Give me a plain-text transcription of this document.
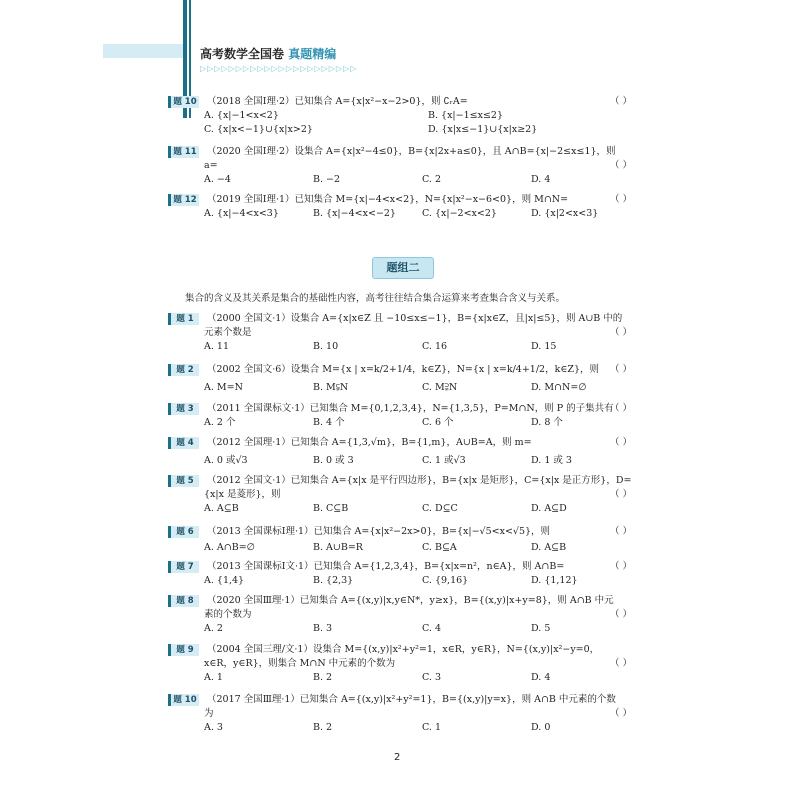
高考数学全国卷 真题精编
▷▷▷▷▷▷▷▷▷▷▷▷▷▷▷▷▷▷▷▷▷▷
题 10 （2018 全国Ⅰ理·2）已知集合 A={x|x²−x−2>0}，则 ∁ᵣA=	（ ）
A. {x|−1<x<2}	B. {x|−1≤x≤2}
C. {x|x<−1}∪{x|x>2}	D. {x|x≤−1}∪{x|x≥2}
题 11 （2020 全国Ⅰ理·2）设集合 A={x|x²−4≤0}，B={x|2x+a≤0}，且 A∩B={x|−2≤x≤1}，则
（ ）
a=
A. −4	B. −2	C. 2	D. 4
题 12 （2019 全国Ⅰ理·1）已知集合 M={x|−4<x<2}，N={x|x²−x−6<0}，则 M∩N=	（ ）
A. {x|−4<x<3}	B. {x|−4<x<−2}	C. {x|−2<x<2}	D. {x|2<x<3}
题组二
集合的含义及其关系是集合的基础性内容，高考往往结合集合运算来考查集合含义与关系。
题 1 （2000 全国文·1）设集合 A={x|x∈Z 且 −10≤x≤−1}，B={x|x∈Z，且|x|≤5}，则 A∪B 中的
（ ）
元素个数是
A. 11	B. 10	C. 16	D. 15
题 2 （2002 全国文·6）设集合 M={x | x=k/2+1/4，k∈Z}，N={x | x=k/4+1/2，k∈Z}，则 （ ）
A. M=N	B. M⫋N	C. M⫌N	D. M∩N=∅
题 3 （2011 全国课标文·1）已知集合 M={0,1,2,3,4}，N={1,3,5}，P=M∩N，则 P 的子集共有
（ ）
A. 2 个	B. 4 个	C. 6 个	D. 8 个
题 4 （2012 全国理·1）已知集合 A={1,3,√m}，B={1,m}，A∪B=A，则 m=	（ ）
A. 0 或√3	B. 0 或 3	C. 1 或√3	D. 1 或 3
题 5 （2012 全国文·1）已知集合 A={x|x 是平行四边形}，B={x|x 是矩形}，C={x|x 是正方形}，D=
（ ）
{x|x 是菱形}，则
A. A⊆B	B. C⊆B	C. D⊆C	D. A⊆D
题 6 （2013 全国课标Ⅰ理·1）已知集合 A={x|x²−2x>0}，B={x|−√5<x<√5}，则	（ ）
A. A∩B=∅	B. A∪B=R	C. B⊆A	D. A⊆B
题 7 （2013 全国课标Ⅰ文·1）已知集合 A={1,2,3,4}，B={x|x=n²，n∈A}，则 A∩B=	（ ）
A. {1,4}	B. {2,3}	C. {9,16}	D. {1,12}
题 8 （2020 全国Ⅲ理·1）已知集合 A={(x,y)|x,y∈N*，y≥x}，B={(x,y)|x+y=8}，则 A∩B 中元
（ ）
素的个数为
A. 2	B. 3	C. 4	D. 5
题 9 （2004 全国三理/文·1）设集合 M={(x,y)|x²+y²=1，x∈R，y∈R}，N={(x,y)|x²−y=0，
（ ）
x∈R，y∈R}，则集合 M∩N 中元素的个数为
A. 1	B. 2	C. 3	D. 4
题 10 （2017 全国Ⅲ理·1）已知集合 A={(x,y)|x²+y²=1}，B={(x,y)|y=x}，则 A∩B 中元素的个数
（ ）
为
A. 3	B. 2	C. 1	D. 0
2
